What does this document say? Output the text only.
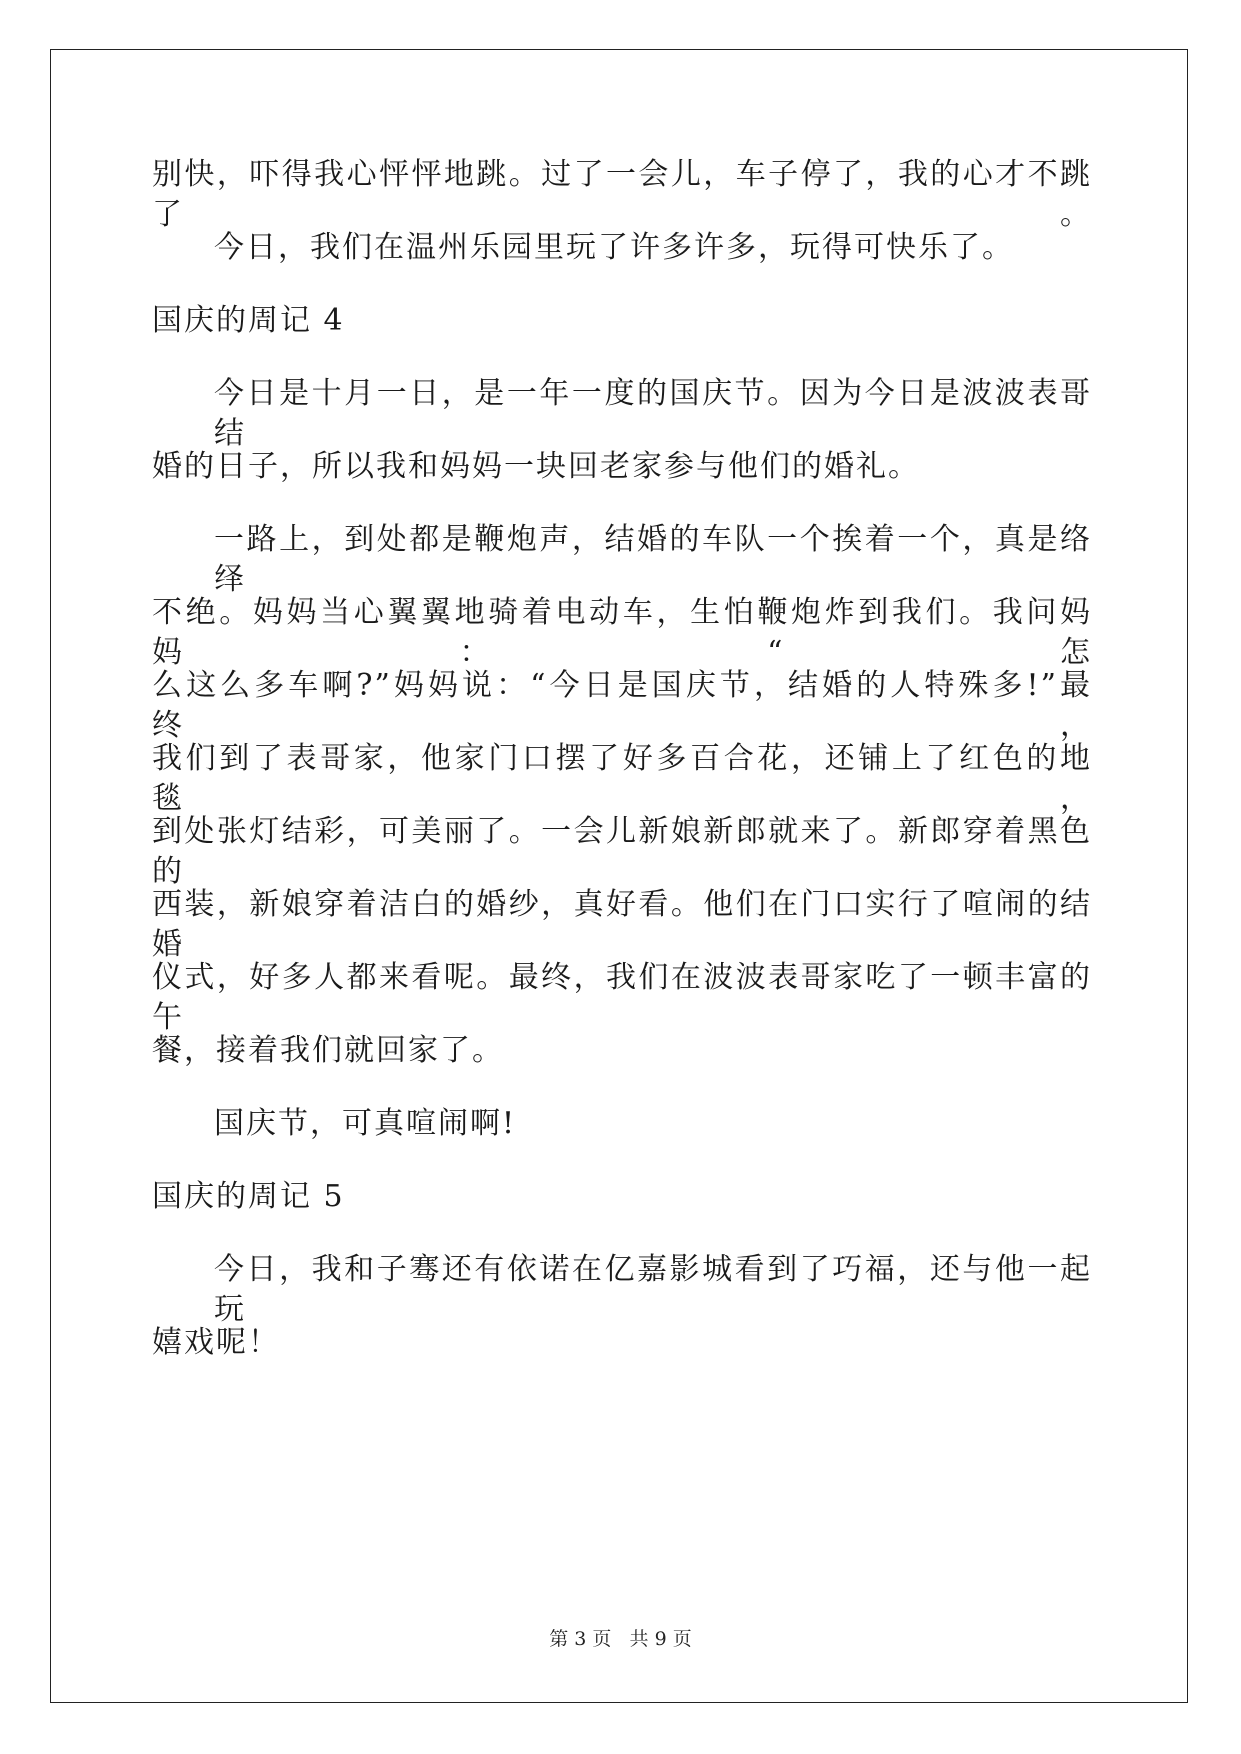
别快，吓得我心怦怦地跳。过了一会儿，车子停了，我的心才不跳了。
今日，我们在温州乐园里玩了许多许多，玩得可快乐了。
国庆的周记 4
今日是十月一日，是一年一度的国庆节。因为今日是波波表哥结
婚的日子，所以我和妈妈一块回老家参与他们的婚礼。
一路上，到处都是鞭炮声，结婚的车队一个挨着一个，真是络绎
不绝。妈妈当心翼翼地骑着电动车，生怕鞭炮炸到我们。我问妈妈：“怎
么这么多车啊?”妈妈说：“今日是国庆节，结婚的人特殊多!”最终，
我们到了表哥家，他家门口摆了好多百合花，还铺上了红色的地毯，
到处张灯结彩，可美丽了。一会儿新娘新郎就来了。新郎穿着黑色的
西装，新娘穿着洁白的婚纱，真好看。他们在门口实行了喧闹的结婚
仪式，好多人都来看呢。最终，我们在波波表哥家吃了一顿丰富的午
餐，接着我们就回家了。
国庆节，可真喧闹啊!
国庆的周记 5
今日，我和子骞还有依诺在亿嘉影城看到了巧福，还与他一起玩
嬉戏呢！
第 3 页   共 9 页
